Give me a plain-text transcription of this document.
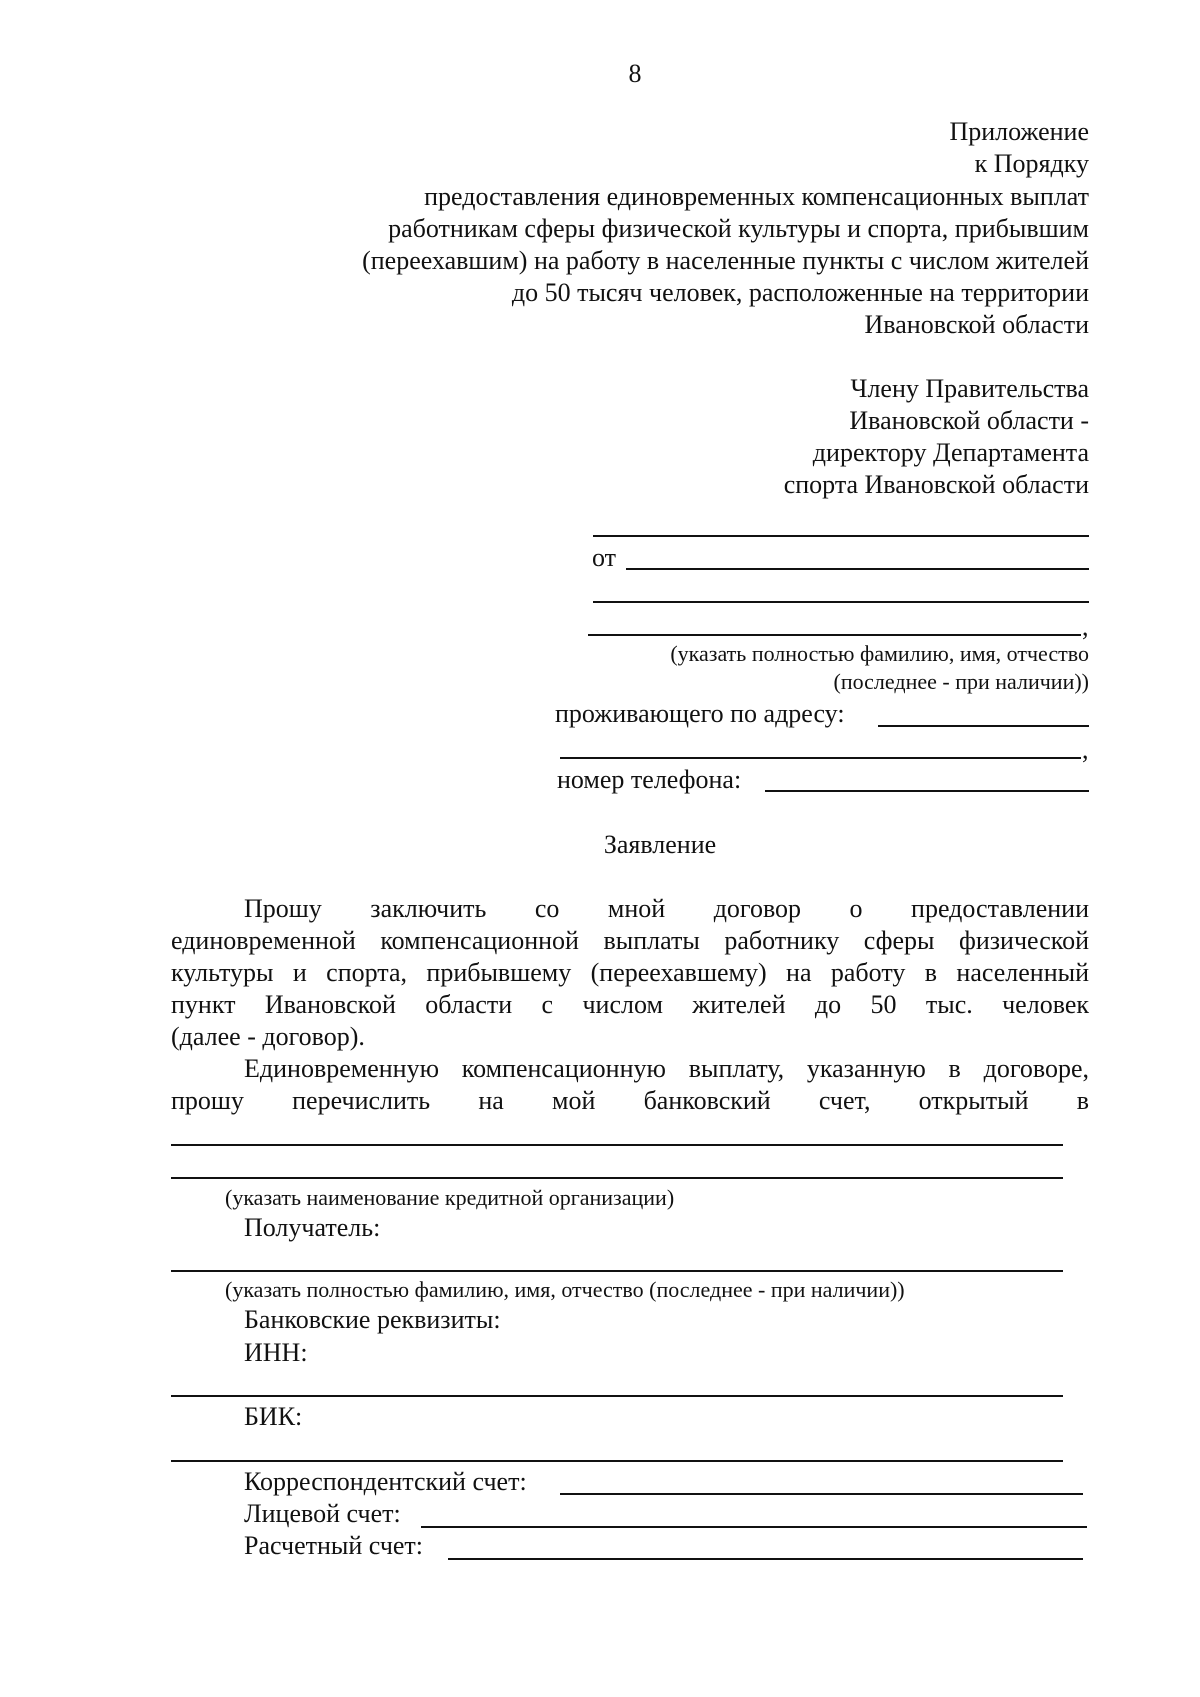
8
Приложение
к Порядку
предоставления единовременных компенсационных выплат
работникам сферы физической культуры и спорта, прибывшим
(переехавшим) на работу в населенные пункты с числом жителей
до 50 тысяч человек, расположенные на территории
Ивановской области
Члену Правительства
Ивановской области -
директору Департамента
спорта Ивановской области
от
,
(указать полностью фамилию, имя, отчество
(последнее - при наличии))
проживающего по адресу:
,
номер телефона:
Заявление
Прошу заключить со мной договор о предоставлении
единовременной компенсационной выплаты работнику сферы физической
культуры и спорта, прибывшему (переехавшему) на работу в населенный
пункт Ивановской области с числом жителей до 50 тыс. человек
(далее - договор).
Единовременную компенсационную выплату, указанную в договоре,
прошу перечислить на мой банковский счет, открытый в
(указать наименование кредитной организации)
Получатель:
(указать полностью фамилию, имя, отчество (последнее - при наличии))
Банковские реквизиты:
ИНН:
БИК:
Корреспондентский счет:
Лицевой счет:
Расчетный счет:
